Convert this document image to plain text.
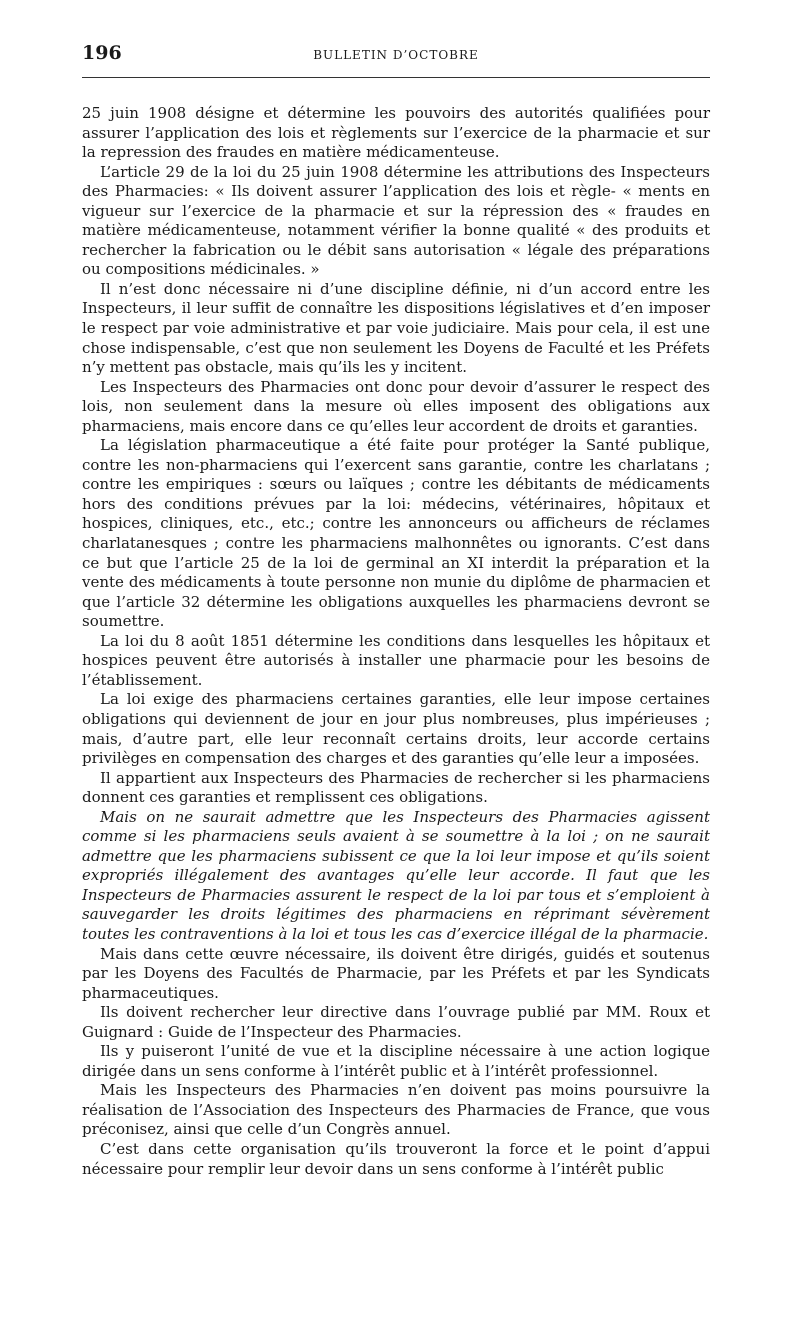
196	BULLETIN D’OCTOBRE

25 juin 1908 désigne et détermine les pouvoirs des autorités qualifiées pour assurer l’application des lois et règlements sur l’exercice de la pharmacie et sur la repression des fraudes en matière médicamenteuse.

L’article 29 de la loi du 25 juin 1908 détermine les attributions des Inspecteurs des Pharmacies: « Ils doivent assurer l’application des lois et règle- « ments en vigueur sur l’exercice de la pharmacie et sur la répression des « fraudes en matière médicamenteuse, notamment vérifier la bonne qualité « des produits et rechercher la fabrication ou le débit sans autorisation « légale des préparations ou compositions médicinales. »

Il n’est donc nécessaire ni d’une discipline définie, ni d’un accord entre les Inspecteurs, il leur suffit de connaître les dispositions législatives et d’en imposer le respect par voie administrative et par voie judiciaire. Mais pour cela, il est une chose indispensable, c’est que non seulement les Doyens de Faculté et les Préfets n’y mettent pas obstacle, mais qu’ils les y incitent.

Les Inspecteurs des Pharmacies ont donc pour devoir d’assurer le respect des lois, non seulement dans la mesure où elles imposent des obligations aux pharmaciens, mais encore dans ce qu’elles leur accordent de droits et garanties.

La législation pharmaceutique a été faite pour protéger la Santé publique, contre les non-pharmaciens qui l’exercent sans garantie, contre les charlatans ; contre les empiriques : sœurs ou laïques ; contre les débitants de médicaments hors des conditions prévues par la loi: médecins, vétérinaires, hôpitaux et hospices, cliniques, etc., etc.; contre les annonceurs ou afficheurs de réclames charlatanesques ; contre les pharmaciens malhonnêtes ou ignorants. C’est dans ce but que l’article 25 de la loi de germinal an XI interdit la préparation et la vente des médicaments à toute personne non munie du diplôme de pharmacien et que l’article 32 détermine les obligations auxquelles les pharmaciens devront se soumettre.

La loi du 8 août 1851 détermine les conditions dans lesquelles les hôpitaux et hospices peuvent être autorisés à installer une pharmacie pour les besoins de l’établissement.

La loi exige des pharmaciens certaines garanties, elle leur impose certaines obligations qui deviennent de jour en jour plus nombreuses, plus impérieuses ; mais, d’autre part, elle leur reconnaît certains droits, leur accorde certains privilèges en compensation des charges et des garanties qu’elle leur a imposées.

Il appartient aux Inspecteurs des Pharmacies de rechercher si les pharmaciens donnent ces garanties et remplissent ces obligations.

Mais on ne saurait admettre que les Inspecteurs des Pharmacies agissent comme si les pharmaciens seuls avaient à se soumettre à la loi ; on ne saurait admettre que les pharmaciens subissent ce que la loi leur impose et qu’ils soient expropriés illégalement des avantages qu’elle leur accorde. Il faut que les Inspecteurs de Pharmacies assurent le respect de la loi par tous et s’emploient à sauvegarder les droits légitimes des pharmaciens en réprimant sévèrement toutes les contraventions à la loi et tous les cas d’exercice illégal de la pharmacie.

Mais dans cette œuvre nécessaire, ils doivent être dirigés, guidés et soutenus par les Doyens des Facultés de Pharmacie, par les Préfets et par les Syndicats pharmaceutiques.

Ils doivent rechercher leur directive dans l’ouvrage publié par MM. Roux et Guignard : Guide de l’Inspecteur des Pharmacies.

Ils y puiseront l’unité de vue et la discipline nécessaire à une action logique dirigée dans un sens conforme à l’intérêt public et à l’intérêt professionnel.

Mais les Inspecteurs des Pharmacies n’en doivent pas moins poursuivre la réalisation de l’Association des Inspecteurs des Pharmacies de France, que vous préconisez, ainsi que celle d’un Congrès annuel.

C’est dans cette organisation qu’ils trouveront la force et le point d’appui nécessaire pour remplir leur devoir dans un sens conforme à l’intérêt public
